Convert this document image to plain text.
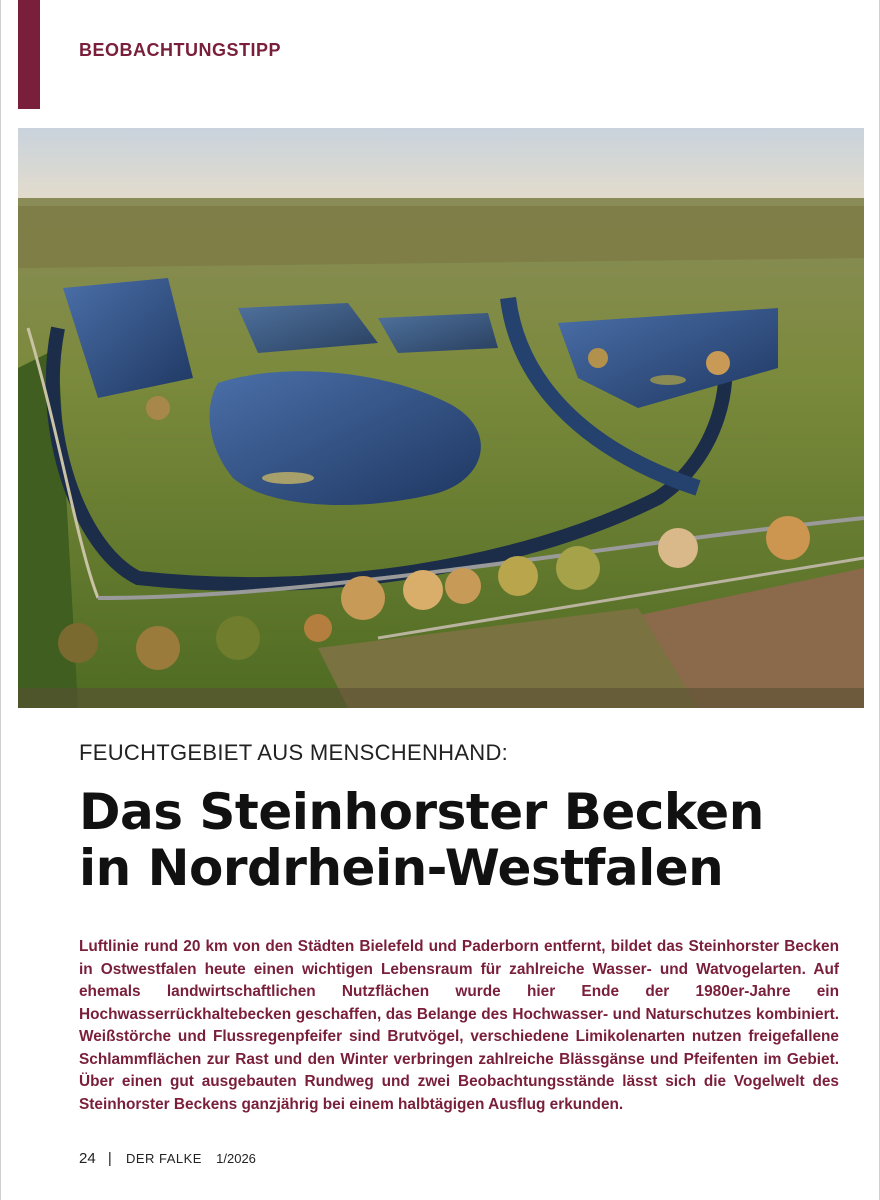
BEOBACHTUNGSTIPP
FEUCHTGEBIET AUS MENSCHENHAND:
Das Steinhorster Becken
in Nordrhein-Westfalen
Luftlinie rund 20 km von den Städten Bielefeld und Paderborn entfernt, bildet das Steinhorster Becken in Ostwestfalen heute einen wichtigen Lebensraum für zahlreiche Wasser- und Watvogelarten. Auf ehemals landwirtschaftlichen Nutzflächen wurde hier Ende der 1980er-Jahre ein Hochwasserrückhaltebecken geschaffen, das Belange des Hochwasser- und Naturschutzes kombiniert. Weißstörche und Flussregenpfeifer sind Brutvögel, verschiedene Limikolenarten nutzen freigefallene Schlammflächen zur Rast und den Winter verbringen zahlreiche Blässgänse und Pfeifenten im Gebiet. Über einen gut ausgebauten Rundweg und zwei Beobachtungsstände lässt sich die Vogelwelt des Steinhorster Beckens ganzjährig bei einem halbtägigen Ausflug erkunden.
24 | DER FALKE 1/2026
